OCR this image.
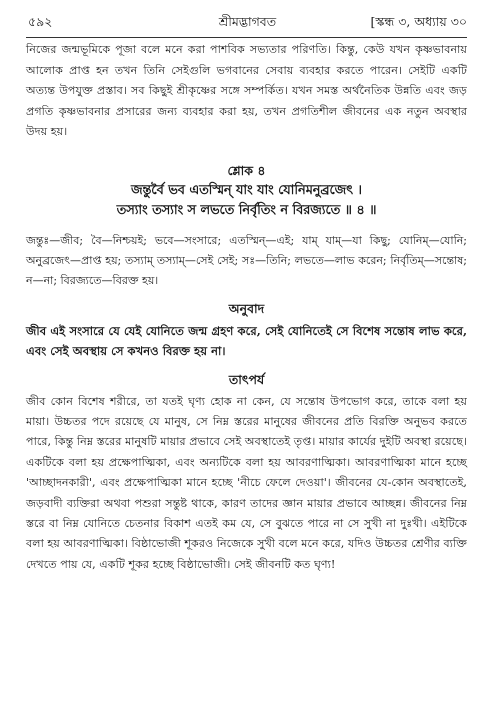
৫৯২	শ্রীমদ্ভাগবত	[স্কন্ধ ৩, অধ্যায় ৩০

নিজের জন্মভূমিকে পূজা বলে মনে করা পাশবিক সভ্যতার পরিণতি। কিন্তু, কেউ যখন কৃষ্ণভাবনায় আলোক প্রাপ্ত হন তখন তিনি সেইগুলি ভগবানের সেবায় ব্যবহার করতে পারেন। সেইটি একটি অত্যন্ত উপযুক্ত প্রস্তাব। সব কিছুই শ্রীকৃষ্ণের সঙ্গে সম্পর্কিত। যখন সমস্ত অর্থনৈতিক উন্নতি এবং জড় প্রগতি কৃষ্ণভাবনার প্রসারের জন্য ব্যবহার করা হয়, তখন প্রগতিশীল জীবনের এক নতুন অবস্থার উদয় হয়।

শ্লোক ৪
জন্তুর্বৈ ভব এতস্মিন্ যাং যাং যোনিমনুব্রজেৎ ।
তস্যাং তস্যাং স লভতে নির্বৃতিং ন বিরজ্যতে ॥ ৪ ॥

জন্তুঃ—জীব; বৈ—নিশ্চয়ই; ভবে—সংসারে; এতস্মিন্—এই; যাম্ যাম্—যা কিছু; যোনিম্—যোনি; অনুব্রজেৎ—প্রাপ্ত হয়; তস্যাম্ তস্যাম্—সেই সেই; সঃ—তিনি; লভতে—লাভ করেন; নির্বৃতিম্—সন্তোষ; ন—না; বিরজ্যতে—বিরক্ত হয়।

অনুবাদ

জীব এই সংসারে যে যেই যোনিতে জন্ম গ্রহণ করে, সেই যোনিতেই সে বিশেষ সন্তোষ লাভ করে, এবং সেই অবস্থায় সে কখনও বিরক্ত হয় না।

তাৎপর্য

জীব কোন বিশেষ শরীরে, তা যতই ঘৃণ্য হোক না কেন, যে সন্তোষ উপভোগ করে, তাকে বলা হয় মায়া। উচ্চতর পদে রয়েছে যে মানুষ, সে নিম্ন স্তরের মানুষের জীবনের প্রতি বিরক্তি অনুভব করতে পারে, কিন্তু নিম্ন স্তরের মানুষটি মায়ার প্রভাবে সেই অবস্থাতেই তৃপ্ত। মায়ার কার্যের দুইটি অবস্থা রয়েছে। একটিকে বলা হয় প্রক্ষেপাত্মিকা, এবং অন্যটিকে বলা হয় আবরণাত্মিকা। আবরণাত্মিকা মানে হচ্ছে 'আচ্ছাদনকারী', এবং প্রক্ষেপাত্মিকা মানে হচ্ছে 'নীচে ফেলে দেওয়া'। জীবনের যে-কোন অবস্থাতেই, জড়বাদী ব্যক্তিরা অথবা পশুরা সন্তুষ্ট থাকে, কারণ তাদের জ্ঞান মায়ার প্রভাবে আচ্ছন্ন। জীবনের নিম্ন স্তরে বা নিম্ন যোনিতে চেতনার বিকাশ এতই কম যে, সে বুঝতে পারে না সে সুখী না দুঃখী। এইটিকে বলা হয় আবরণাত্মিকা। বিষ্ঠাভোজী শূকরও নিজেকে সুখী বলে মনে করে, যদিও উচ্চতর শ্রেণীর ব্যক্তি দেখতে পায় যে, একটি শূকর হচ্ছে বিষ্ঠাভোজী। সেই জীবনটি কত ঘৃণ্য!
